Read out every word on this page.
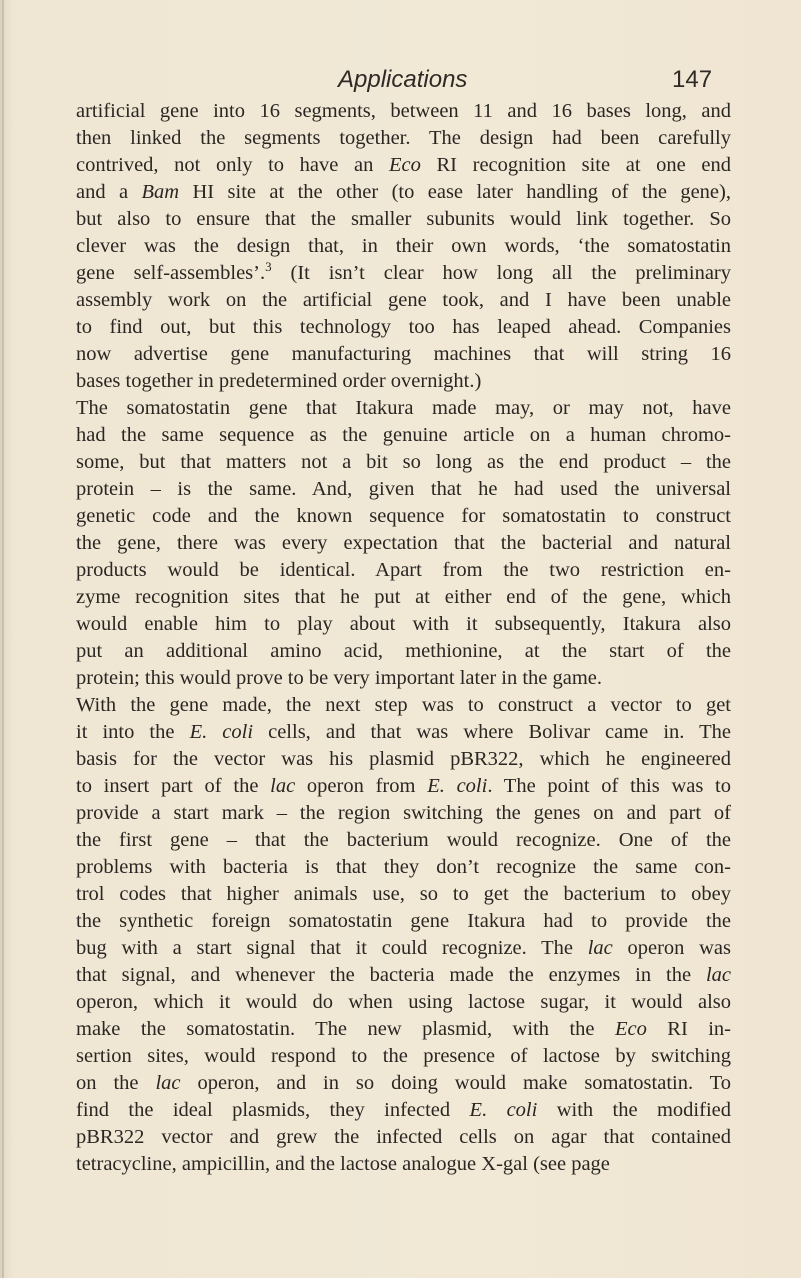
Applications	147
artificial gene into 16 segments, between 11 and 16 bases long, and
then linked the segments together. The design had been carefully
contrived, not only to have an Eco RI recognition site at one end
and a Bam HI site at the other (to ease later handling of the gene),
but also to ensure that the smaller subunits would link together. So
clever was the design that, in their own words, ‘the somatostatin
gene self-assembles’.$^3$ (It isn’t clear how long all the preliminary
assembly work on the artificial gene took, and I have been unable
to find out, but this technology too has leaped ahead. Companies
now advertise gene manufacturing machines that will string 16
bases together in predetermined order overnight.)
The somatostatin gene that Itakura made may, or may not, have
had the same sequence as the genuine article on a human chromo-
some, but that matters not a bit so long as the end product – the
protein – is the same. And, given that he had used the universal
genetic code and the known sequence for somatostatin to construct
the gene, there was every expectation that the bacterial and natural
products would be identical. Apart from the two restriction en-
zyme recognition sites that he put at either end of the gene, which
would enable him to play about with it subsequently, Itakura also
put an additional amino acid, methionine, at the start of the
protein; this would prove to be very important later in the game.
With the gene made, the next step was to construct a vector to get
it into the E. coli cells, and that was where Bolivar came in. The
basis for the vector was his plasmid pBR322, which he engineered
to insert part of the lac operon from E. coli. The point of this was to
provide a start mark – the region switching the genes on and part of
the first gene – that the bacterium would recognize. One of the
problems with bacteria is that they don’t recognize the same con-
trol codes that higher animals use, so to get the bacterium to obey
the synthetic foreign somatostatin gene Itakura had to provide the
bug with a start signal that it could recognize. The lac operon was
that signal, and whenever the bacteria made the enzymes in the lac
operon, which it would do when using lactose sugar, it would also
make the somatostatin. The new plasmid, with the Eco RI in-
sertion sites, would respond to the presence of lactose by switching
on the lac operon, and in so doing would make somatostatin. To
find the ideal plasmids, they infected E. coli with the modified
pBR322 vector and grew the infected cells on agar that contained
tetracycline, ampicillin, and the lactose analogue X-gal (see page
